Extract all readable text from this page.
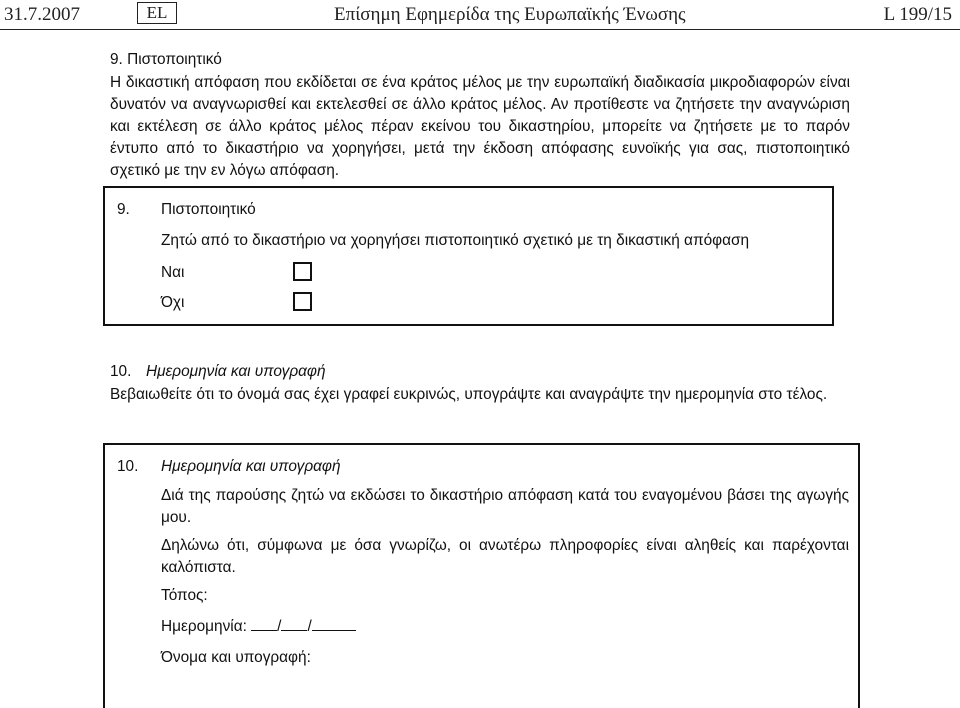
31.7.2007	EL	Επίσημη Εφημερίδα της Ευρωπαϊκής Ένωσης	L 199/15
9. Πιστοποιητικό
Η δικαστική απόφαση που εκδίδεται σε ένα κράτος μέλος με την ευρωπαϊκή διαδικασία μικροδιαφορών είναι δυνατόν να αναγνωρισθεί και εκτελεσθεί σε άλλο κράτος μέλος. Αν προτίθεστε να ζητήσετε την αναγνώριση και εκτέλεση σε άλλο κράτος μέλος πέραν εκείνου του δικαστηρίου, μπορείτε να ζητήσετε με το παρόν έντυπο από το δικαστήριο να χορηγήσει, μετά την έκδοση απόφασης ευνοϊκής για σας, πιστοποιητικό σχετικό με την εν λόγω απόφαση.
9. Πιστοποιητικό
Ζητώ από το δικαστήριο να χορηγήσει πιστοποιητικό σχετικό με τη δικαστική απόφαση
Ναι
Όχι
10. Ημερομηνία και υπογραφή
Βεβαιωθείτε ότι το όνομά σας έχει γραφεί ευκρινώς, υπογράψτε και αναγράψτε την ημερομηνία στο τέλος.
10. Ημερομηνία και υπογραφή
Διά της παρούσης ζητώ να εκδώσει το δικαστήριο απόφαση κατά του εναγομένου βάσει της αγωγής μου.
Δηλώνω ότι, σύμφωνα με όσα γνωρίζω, οι ανωτέρω πληροφορίες είναι αληθείς και παρέχονται καλόπιστα.
Τόπος:
Ημερομηνία: / /
Όνομα και υπογραφή:
